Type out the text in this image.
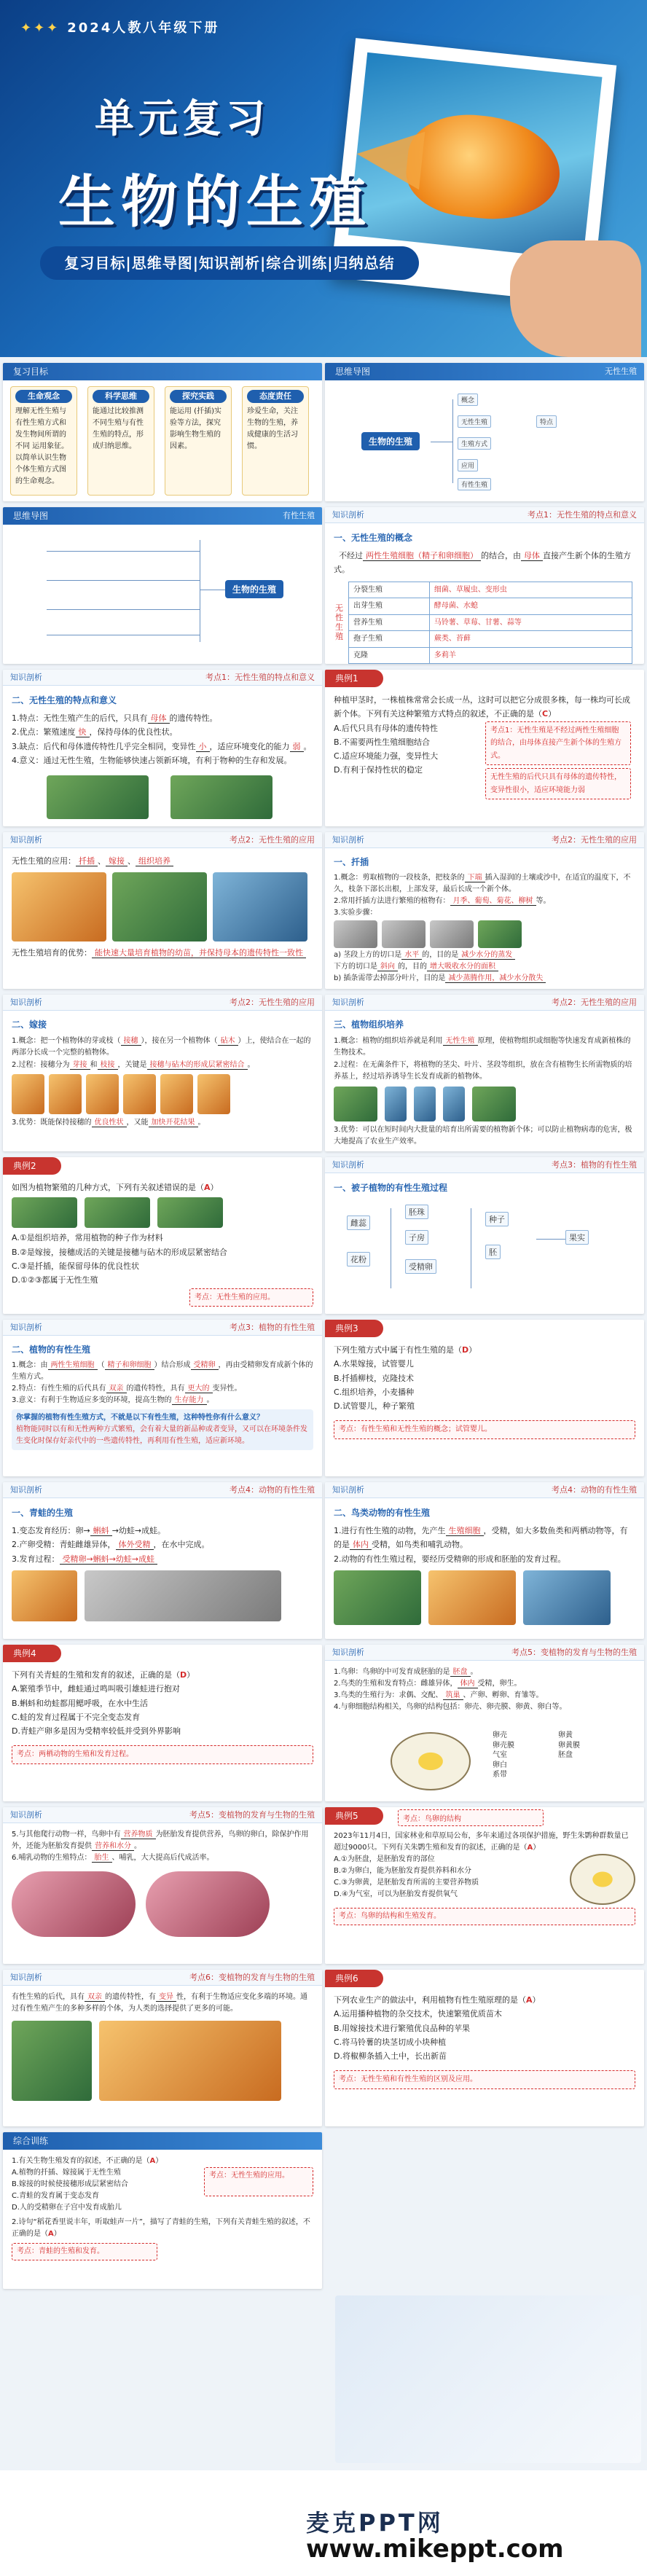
✦✦✦ 2024人教八年级下册
单元复习
生物的生殖
复习目标|思维导图|知识剖析|综合训练|归纳总结
复习目标
生命观念
理解无性生殖与有性生殖方式和发生物间所谓的不同 运用象征。以简单认识生物个体生殖方式图的生命观念。
科学思维
能通过比较推测不同生殖与有性生殖的特点，形成归纳思维。
探究实践
能运用 (扦插)实验等方法，探究影响生物生殖的因素。
态度责任
珍爱生命，关注生物的生殖，养成健康的生活习惯。
思维导图	无性生殖
生物的生殖
概念
无性生殖
生殖方式
应用
有性生殖
特点
思维导图	有性生殖
生物的生殖
知识剖析	考点1：无性生殖的特点和意义
一、无性生殖的概念
不经过 两性生殖细胞（精子和卵细胞） 的结合，由 母体 直接产生新个体的生殖方式。
无性生殖
分裂生殖	细菌、草履虫、变形虫
出芽生殖	酵母菌、水螅
营养生殖	马铃薯、草莓、甘薯、蒜等
孢子生殖	蕨类、苔藓
克隆	多莉羊
知识剖析	考点1：无性生殖的特点和意义
二、无性生殖的特点和意义
1.特点：无性生殖产生的后代，只具有 母体 的遗传特性。
2.优点：繁殖速度 快 ，保持母体的优良性状。
3.缺点：后代和母体遗传特性几乎完全相同，变异性 小 ，适应环境变化的能力 弱 。
4.意义：通过无性生殖，生物能够快速占领新环境，有利于物种的生存和发展。
典例1
种植甲茎时，一株植株常常会长成一丛，这时可以把它分成很多株，每一株均可长成新个体。下列有关这种繁殖方式特点的叙述，不正确的是（C）
A.后代只具有母体的遗传特性
B.不需要两性生殖细胞结合
C.适应环境能力强，变异性大
D.有利于保持性状的稳定
考点1：无性生殖是不经过两性生殖细胞的结合，由母体直接产生新个体的生殖方式。
无性生殖的后代只具有母体的遗传特性，变异性很小，适应环境能力弱
知识剖析	考点2：无性生殖的应用
无性生殖的应用： 扦插 、 嫁接 、 组织培养
无性生殖培育的优势： 能快速大量培育植物的幼苗，并保持母本的遗传特性一致性
知识剖析	考点2：无性生殖的应用
一、扦插
1.概念：剪取植物的一段枝条，把枝条的 下端 插入湿润的土壤或沙中，在适宜的温度下，不久，枝条下部长出根，上部发芽，最后长成一个新个体。
2.常用扦插方法进行繁殖的植物有： 月季、葡萄、菊花、柳树 等。
3.实验步骤：
a) 茎段上方的切口是 水平 的，目的是 减少水分的蒸发
下方的切口是 斜向 的，目的 增大吸收水分的面积
b) 插条需带去掉部分叶片，目的是 减少蒸腾作用，减少水分散失
知识剖析	考点2：无性生殖的应用
二、嫁接
1.概念：把一个植物体的芽或枝（ 接穗 ），接在另一个植物体（ 砧木 ）上，使结合在一起的两部分长成一个完整的植物体。
2.过程：接穗分为 芽接 和 枝接 ，关键是 接穗与砧木的形成层紧密结合 。
3.优势：既能保持接穗的 优良性状 ，又能 加快开花结果 。
知识剖析	考点2：无性生殖的应用
三、植物组织培养
1.概念：植物的组织培养就是利用 无性生殖 原理，使植物组织或细胞等快速发育成新植株的生物技术。
2.过程：在无菌条件下，将植物的茎尖、叶片、茎段等组织，放在含有植物生长所需物质的培养基上，经过培养诱导生长发育成新的植物体。
3.优势：可以在短时间内大批量的培育出所需要的植物新个体；可以防止植物病毒的危害，极大地提高了农业生产效率。
典例2
如图为植物繁殖的几种方式，下列有关叙述错误的是（A）
A.①是组织培养，常用植物的种子作为材料
B.②是嫁接，接穗成活的关键是接穗与砧木的形成层紧密结合
C.③是扦插，能保留母体的优良性状
D.①②③都属于无性生殖
考点：无性生殖的应用。
知识剖析	考点3：植物的有性生殖
一、被子植物的有性生殖过程
雌蕊
花粉
胚珠
子房
受精卵
种子
胚
果实
知识剖析	考点3：植物的有性生殖
二、植物的有性生殖
1.概念：由 两性生殖细胞 （ 精子和卵细胞 ）结合形成 受精卵 ，再由受精卵发育成新个体的生殖方式。
2.特点：有性生殖的后代具有 双亲 的遗传特性，具有 更大的 变异性。
3.意义：有利于生物适应多变的环境，提高生物的 生存能力 。
你掌握的植物有性生殖方式，不就是以下有性生殖，这种特性你有什么意义？
植物能同时以有和无性两种方式繁殖，会有着大量的新品种或者变异，又可以在环境条件发生变化时保存好亲代中的一些遗传特性，再利用有性生殖，适应新环境。
典例3
下列生殖方式中属于有性生殖的是（D）
A.水果嫁接，试管婴儿
B.扦插柳枝，克隆技术
C.组织培养，小麦播种
D.试管婴儿，种子繁殖
考点：有性生殖和无性生殖的概念；试管婴儿。
知识剖析	考点4：动物的有性生殖
一、青蛙的生殖
1.变态发育经历：卵→ 蝌蚪 →幼蛙→成蛙。
2.产卵受精：青蛙雌雄异体， 体外受精 ，在水中完成。
3.发育过程： 受精卵→蝌蚪→幼蛙→成蛙
知识剖析	考点4：动物的有性生殖
二、鸟类动物的有性生殖
1.进行有性生殖的动物，先产生 生殖细胞 ，受精，如大多数鱼类和两栖动物等，有的是 体内 受精，如鸟类和哺乳动物。
2.动物的有性生殖过程，要经历受精卵的形成和胚胎的发育过程。
典例4
下列有关青蛙的生殖和发育的叙述，正确的是（D）
A.繁殖季节中，雌蛙通过鸣叫吸引雄蛙进行抱对
B.蝌蚪和幼蛙都用鳃呼吸，在水中生活
C.蛙的发育过程属于不完全变态发育
D.青蛙产卵多是因为受精率较低并受到外界影响
考点：两栖动物的生殖和发育过程。
知识剖析	考点5：变植物的发育与生物的生殖
1.鸟卵：鸟卵的中可发育成胚胎的是 胚盘 。
2.鸟类的生殖和发育特点：雌雄异体， 体内 受精，卵生。
3.鸟类的生殖行为：求偶、交配、 筑巢 、产卵、孵卵、育雏等。
4.与卵细胞结构相关，鸟卵的结构包括：卵壳、卵壳膜、卵黄、卵白等。
卵壳
卵壳膜
气室
卵白
系带
卵黄
卵黄膜
胚盘
知识剖析	考点5：变植物的发育与生物的生殖
5.与其他爬行动物一样，鸟卵中有 营养物质 为胚胎发育提供营养，鸟卵的卵白，除保护作用外，还能为胚胎发育提供 营养和水分 。
6.哺乳动物的生殖特点： 胎生 、哺乳，大大提高后代成活率。
典例5	考点：鸟卵的结构
2023年11月4日，国家林业和草原局公布，多年来通过各项保护措施，野生朱鹮种群数量已超过9000只。下列有关朱鹮生殖和发育的叙述，正确的是（A）
A.①为胚盘，是胚胎发育的部位
B.②为卵白，能为胚胎发育提供养料和水分
C.③为卵黄，是胚胎发育所需的主要营养物质
D.④为气室，可以为胚胎发育提供氧气
考点：鸟卵的结构和生殖发育。
知识剖析	考点6：变植物的发育与生物的生殖
有性生殖的后代，具有 双亲 的遗传特性，有 变异 性，有利于生物适应变化多端的环境。通过有性生殖产生的多种多样的个体，为人类的选择提供了更多的可能。
典例6
下列农业生产的做法中，利用植物有性生殖原理的是（A）
A.运用播种植物的杂交技术，快速繁殖优质苗木
B.用嫁接技术进行繁殖优良品种的苹果
C.将马铃薯的块茎切成小块种植
D.将椒柳条插入土中，长出新苗
考点：无性生殖和有性生殖的区别及应用。
综合训练
1.有关生物生殖发育的叙述，不正确的是（A）
A.植物的扦插、嫁接属于无性生殖
B.嫁接的时候使接穗形成层紧密结合
C.青蛙的发育属于变态发育
D.人的受精卵在子宫中发育成胎儿
考点：无性生殖的应用。
2.诗句“稻花香里说丰年，听取蛙声一片”，描写了青蛙的生殖，下列有关青蛙生殖的叙述，不正确的是（A）
考点：青蛙的生殖和发育。
麦克PPT网
www.mikeppt.com
